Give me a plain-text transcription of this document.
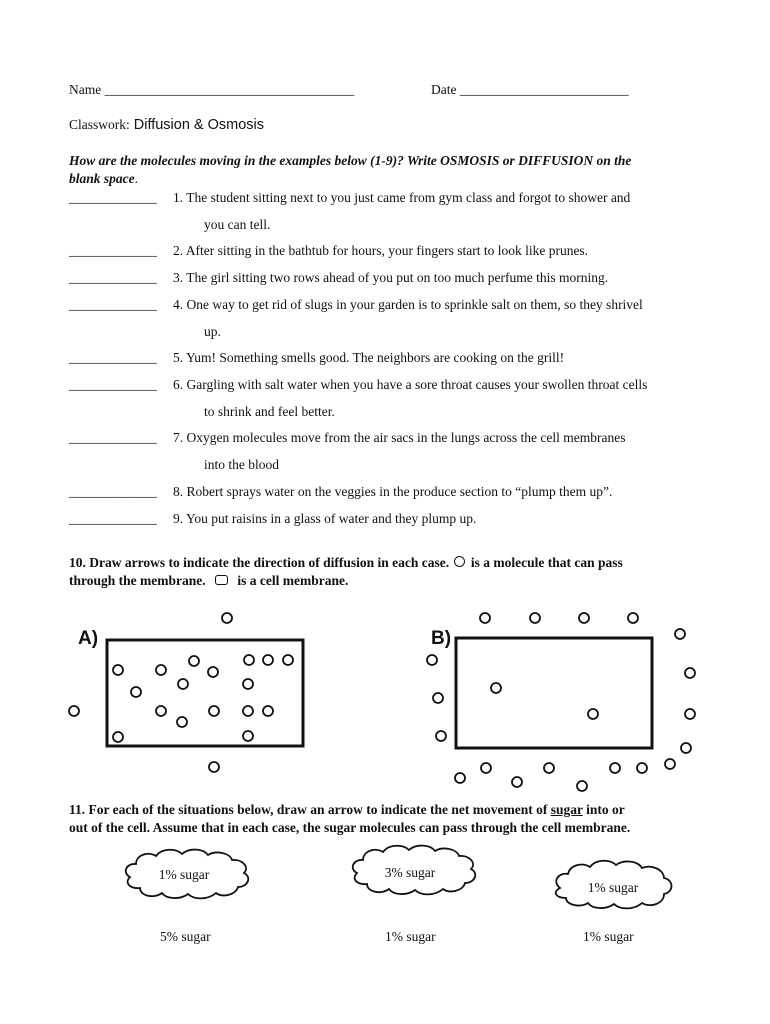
Name _____________________________________	Date _________________________
Classwork: Diffusion & Osmosis
How are the molecules moving in the examples below (1-9)? Write OSMOSIS or DIFFUSION on the
blank space.
_____________ 1. The student sitting next to you just came from gym class and forgot to shower and
you can tell.
_____________ 2. After sitting in the bathtub for hours, your fingers start to look like prunes.
_____________ 3. The girl sitting two rows ahead of you put on too much perfume this morning.
_____________ 4. One way to get rid of slugs in your garden is to sprinkle salt on them, so they shrivel
up.
_____________ 5. Yum! Something smells good. The neighbors are cooking on the grill!
_____________ 6. Gargling with salt water when you have a sore throat causes your swollen throat cells
to shrink and feel better.
_____________ 7. Oxygen molecules move from the air sacs in the lungs across the cell membranes
into the blood
_____________ 8. Robert sprays water on the veggies in the produce section to “plump them up”.
_____________ 9. You put raisins in a glass of water and they plump up.
10. Draw arrows to indicate the direction of diffusion in each case. is a molecule that can pass
through the membrane. is a cell membrane.
A)	B)
11. For each of the situations below, draw an arrow to indicate the net movement of sugar into or
out of the cell. Assume that in each case, the sugar molecules can pass through the cell membrane.
1% sugar
5% sugar
3% sugar
1% sugar
1% sugar
1% sugar
